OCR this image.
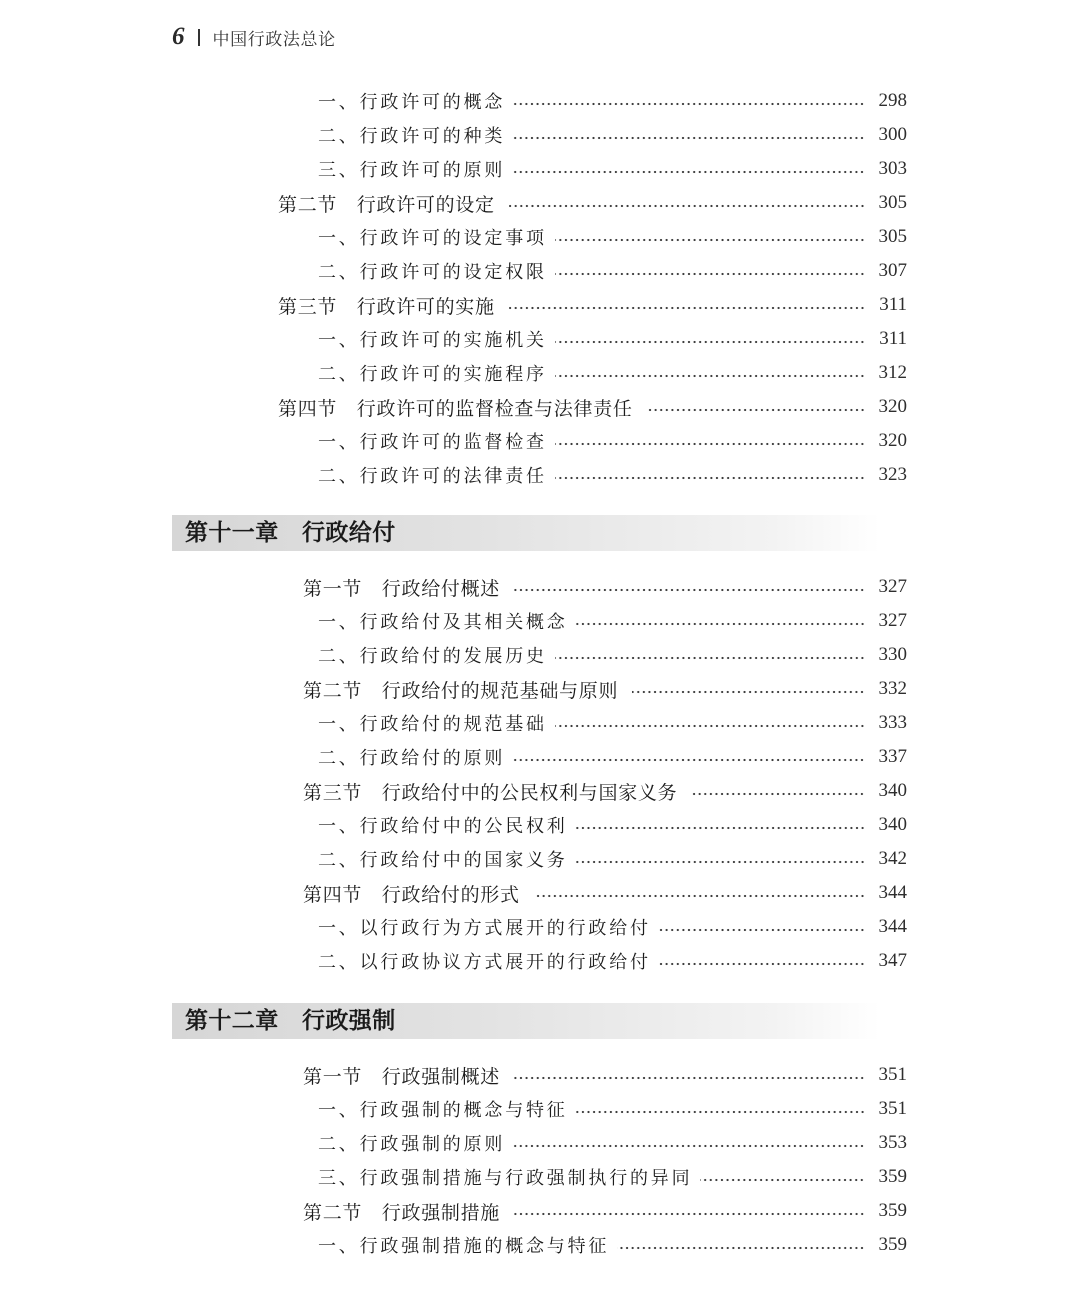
6 中国行政法总论
一、行政许可的概念	298
二、行政许可的种类	300
三、行政许可的原则	303
第二节　行政许可的设定	305
一、行政许可的设定事项	305
二、行政许可的设定权限	307
第三节　行政许可的实施	311
一、行政许可的实施机关	311
二、行政许可的实施程序	312
第四节　行政许可的监督检查与法律责任	320
一、行政许可的监督检查	320
二、行政许可的法律责任	323
第十一章　行政给付
第一节　行政给付概述	327
一、行政给付及其相关概念	327
二、行政给付的发展历史	330
第二节　行政给付的规范基础与原则	332
一、行政给付的规范基础	333
二、行政给付的原则	337
第三节　行政给付中的公民权利与国家义务	340
一、行政给付中的公民权利	340
二、行政给付中的国家义务	342
第四节　行政给付的形式	344
一、以行政行为方式展开的行政给付	344
二、以行政协议方式展开的行政给付	347
第十二章　行政强制
第一节　行政强制概述	351
一、行政强制的概念与特征	351
二、行政强制的原则	353
三、行政强制措施与行政强制执行的异同	359
第二节　行政强制措施	359
一、行政强制措施的概念与特征	359
